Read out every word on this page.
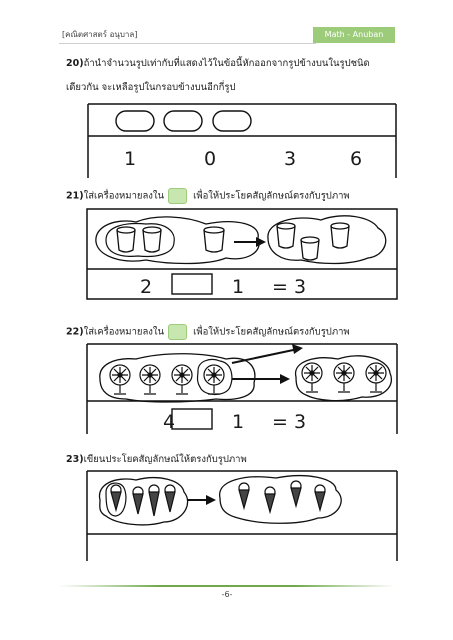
[คณิตศาสตร์ อนุบาล]	Math - Anuban
20)ถ้านำจำนวนรูปเท่ากับที่แสดงไว้ในข้อนี้หักออกจากรูปข้างบนในรูปชนิด
เดียวกัน จะเหลือรูปในกรอบข้างบนอีกกี่รูป
1	0	3	6
21)ใส่เครื่องหมายลงใน	เพื่อให้ประโยคสัญลักษณ์ตรงกับรูปภาพ
2	1 = 3
22)ใส่เครื่องหมายลงใน	เพื่อให้ประโยคสัญลักษณ์ตรงกับรูปภาพ
4	1 = 3
23)เขียนประโยคสัญลักษณ์ให้ตรงกับรูปภาพ
-6-
